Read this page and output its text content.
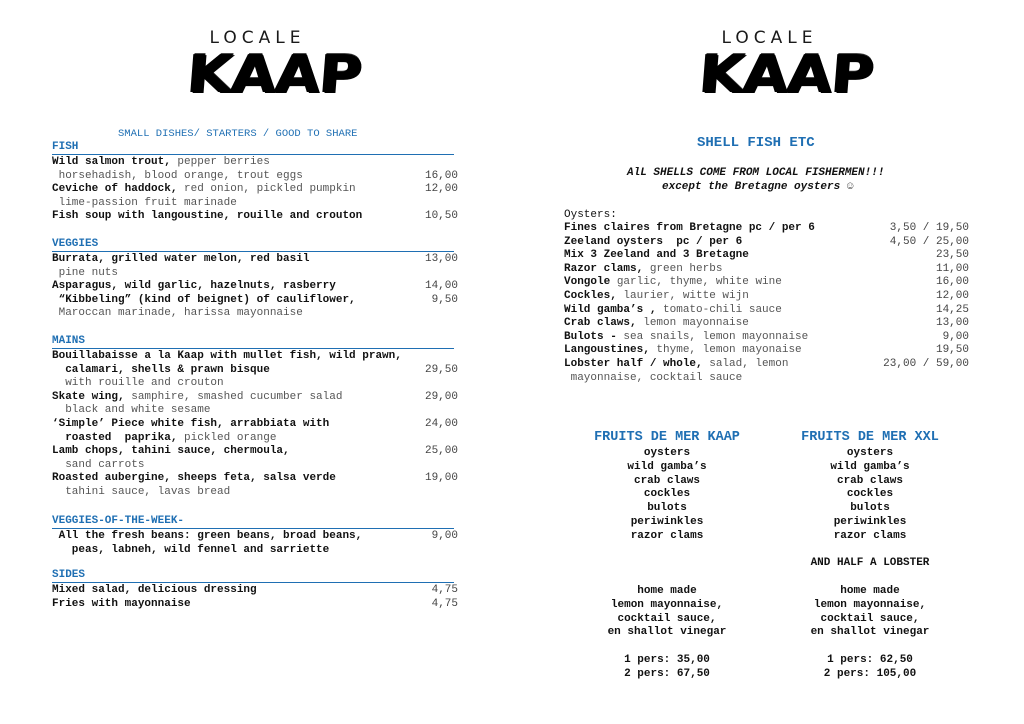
LOCALE
KAAP
SMALL DISHES/ STARTERS / GOOD TO SHARE
FISH
Wild salmon trout, pepper berries
horsehadish, blood orange, trout eggs	16,00
Ceviche of haddock, red onion, pickled pumpkin	12,00
lime-passion fruit marinade
Fish soup with langoustine, rouille and crouton	10,50
VEGGIES
Burrata, grilled water melon, red basil	13,00
pine nuts
Asparagus, wild garlic, hazelnuts, rasberry	14,00
“Kibbeling” (kind of beignet) of cauliflower,	9,50
Maroccan marinade, harissa mayonnaise
MAINS
Bouillabaisse a la Kaap with mullet fish, wild prawn,
calamari, shells & prawn bisque	29,50
with rouille and crouton
Skate wing, samphire, smashed cucumber salad	29,00
black and white sesame
‘Simple’ Piece white fish, arrabbiata with	24,00
roasted  paprika, pickled orange
Lamb chops, tahini sauce, chermoula,	25,00
sand carrots
Roasted aubergine, sheeps feta, salsa verde	19,00
tahini sauce, lavas bread
VEGGIES-OF-THE-WEEK-
All the fresh beans: green beans, broad beans,	9,00
peas, labneh, wild fennel and sarriette
SIDES
Mixed salad, delicious dressing	4,75
Fries with mayonnaise	4,75
LOCALE
KAAP
SHELL FISH ETC
AlL SHELLS COME FROM LOCAL FISHERMEN!!!
except the Bretagne oysters ☺
Oysters:
Fines claires from Bretagne pc / per 6	3,50 / 19,50
Zeeland oysters  pc / per 6	4,50 / 25,00
Mix 3 Zeeland and 3 Bretagne	23,50
Razor clams, green herbs	11,00
Vongole garlic, thyme, white wine	16,00
Cockles, laurier, witte wijn	12,00
Wild gamba’s , tomato-chili sauce	14,25
Crab claws, lemon mayonnaise	13,00
Bulots - sea snails, lemon mayonnaise	9,00
Langoustines, thyme, lemon mayonaise	19,50
Lobster half / whole, salad, lemon	23,00 / 59,00
mayonnaise, cocktail sauce
FRUITS DE MER KAAP
oysters
wild gamba’s
crab claws
cockles
bulots
periwinkles
razor clams
home made
lemon mayonnaise,
cocktail sauce,
en shallot vinegar
1 pers: 35,00
2 pers: 67,50
FRUITS DE MER XXL
oysters
wild gamba’s
crab claws
cockles
bulots
periwinkles
razor clams
AND HALF A LOBSTER
home made
lemon mayonnaise,
cocktail sauce,
en shallot vinegar
1 pers: 62,50
2 pers: 105,00
